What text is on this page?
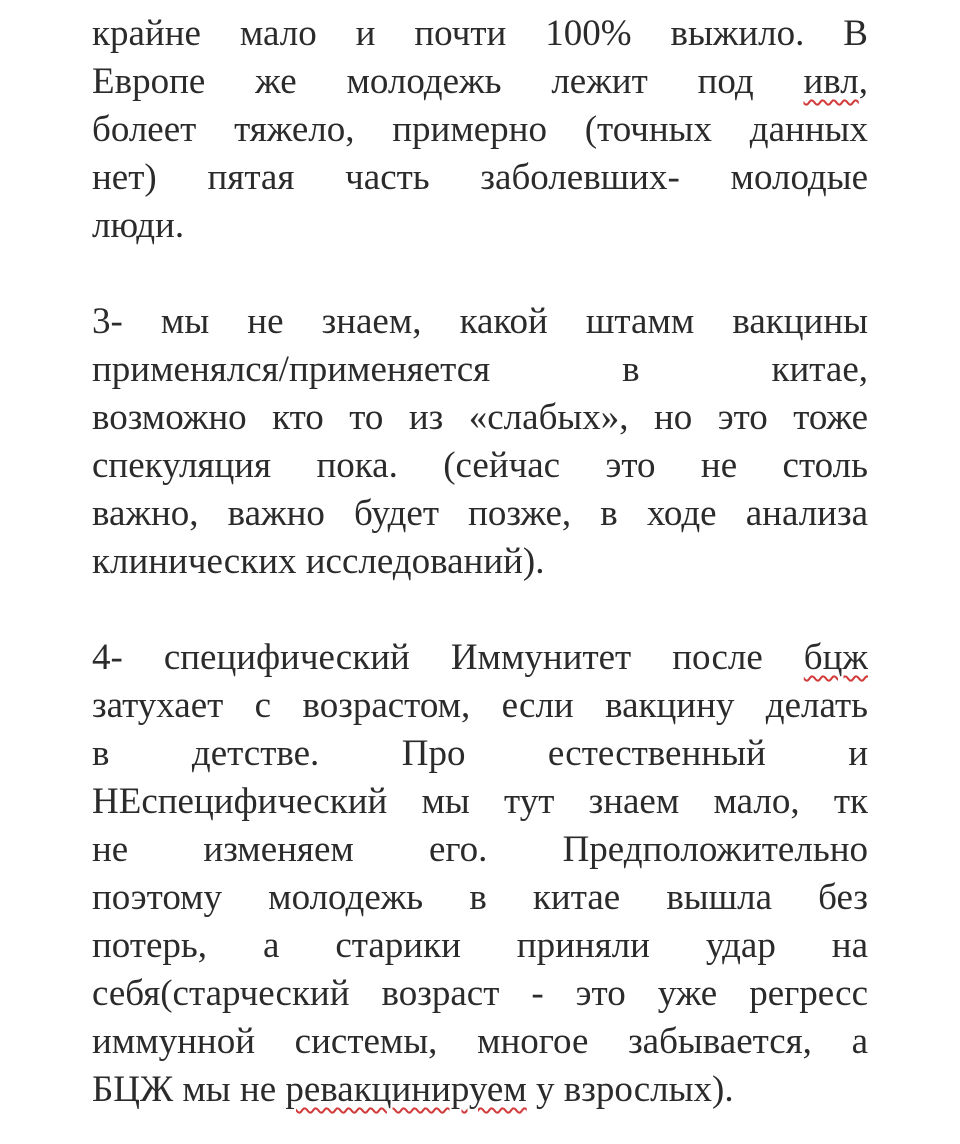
крайне мало и почти 100% выжило. В
Европе же молодежь лежит под ивл,
болеет тяжело, примерно (точных данных
нет) пятая часть заболевших- молодые
люди.
3- мы не знаем, какой штамм вакцины
применялся/применяется в китае,
возможно кто то из «слабых», но это тоже
спекуляция пока. (сейчас это не столь
важно, важно будет позже, в ходе анализа
клинических исследований).
4- специфический Иммунитет после бцж
затухает с возрастом, если вакцину делать
в детстве. Про естественный и
НЕспецифический мы тут знаем мало, тк
не изменяем его. Предположительно
поэтому молодежь в китае вышла без
потерь, а старики приняли удар на
себя(старческий возраст - это уже регресс
иммунной системы, многое забывается, а
БЦЖ мы не ревакцинируем у взрослых).
